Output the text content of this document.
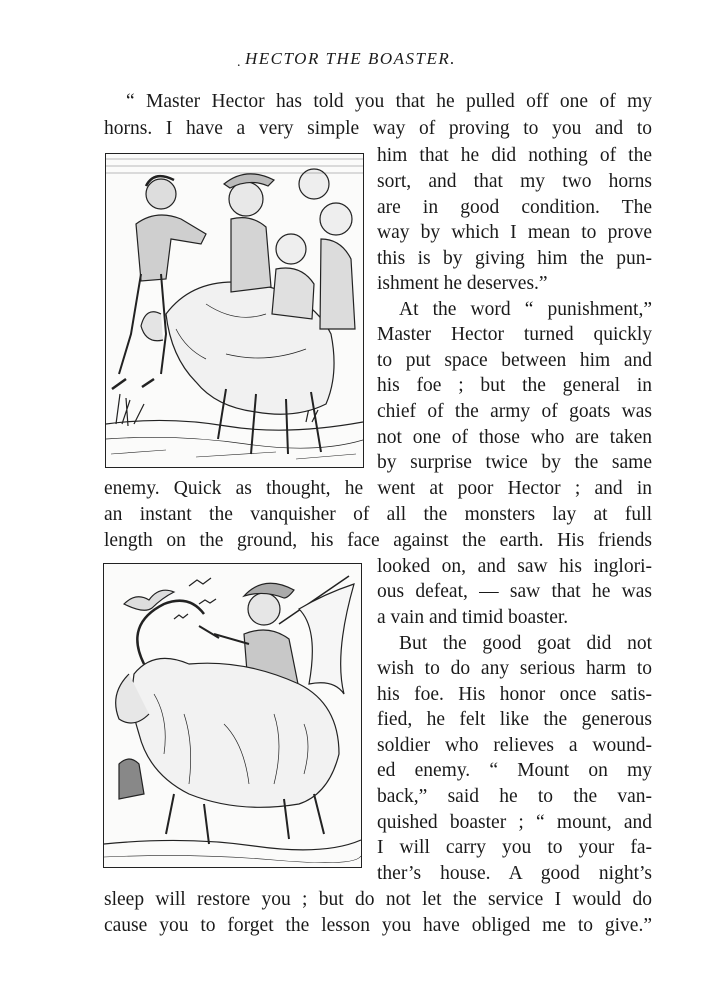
HECTOR THE BOASTER.
.
“ Master Hector has told you that he pulled off one of my
horns. I have a very simple way of proving to you and to
him that he did nothing of the
sort, and that my two horns
are in good condition. The
way by which I mean to prove
this is by giving him the pun-
ishment he deserves.”
At the word “ punishment,”
Master Hector turned quickly
to put space between him and
his foe ; but the general in
chief of the army of goats was
not one of those who are taken
by surprise twice by the same
enemy. Quick as thought, he went at poor Hector ; and in
an instant the vanquisher of all the monsters lay at full
length on the ground, his face against the earth. His friends
looked on, and saw his inglori-
ous defeat, — saw that he was
a vain and timid boaster.
But the good goat did not
wish to do any serious harm to
his foe. His honor once satis-
fied, he felt like the generous
soldier who relieves a wound-
ed enemy. “ Mount on my
back,” said he to the van-
quished boaster ; “ mount, and
I will carry you to your fa-
ther’s house. A good night’s
sleep will restore you ; but do not let the service I would do
cause you to forget the lesson you have obliged me to give.”
